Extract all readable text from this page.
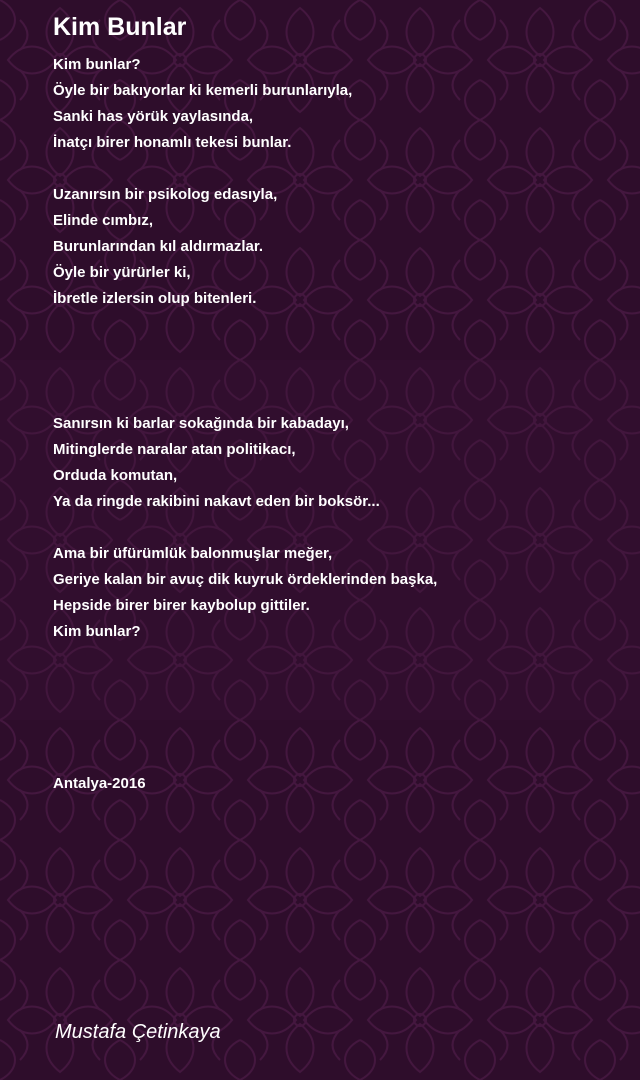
Kim Bunlar
Kim bunlar?
Öyle bir bakıyorlar ki kemerli burunlarıyla,
Sanki has yörük yaylasında,
İnatçı birer honamlı tekesi bunlar.
Uzanırsın bir psikolog edasıyla,
Elinde cımbız,
Burunlarından kıl aldırmazlar.
Öyle bir yürürler ki,
İbretle izlersin olup bitenleri.
Sanırsın ki barlar sokağında bir kabadayı,
Mitinglerde naralar atan politikacı,
Orduda komutan,
Ya da ringde rakibini nakavt eden bir boksör...
Ama bir üfürümlük balonmuşlar meğer,
Geriye kalan bir avuç dik kuyruk ördeklerinden başka,
Hepside birer birer kaybolup gittiler.
Kim bunlar?
Antalya-2016

Mustafa Çetinkaya
